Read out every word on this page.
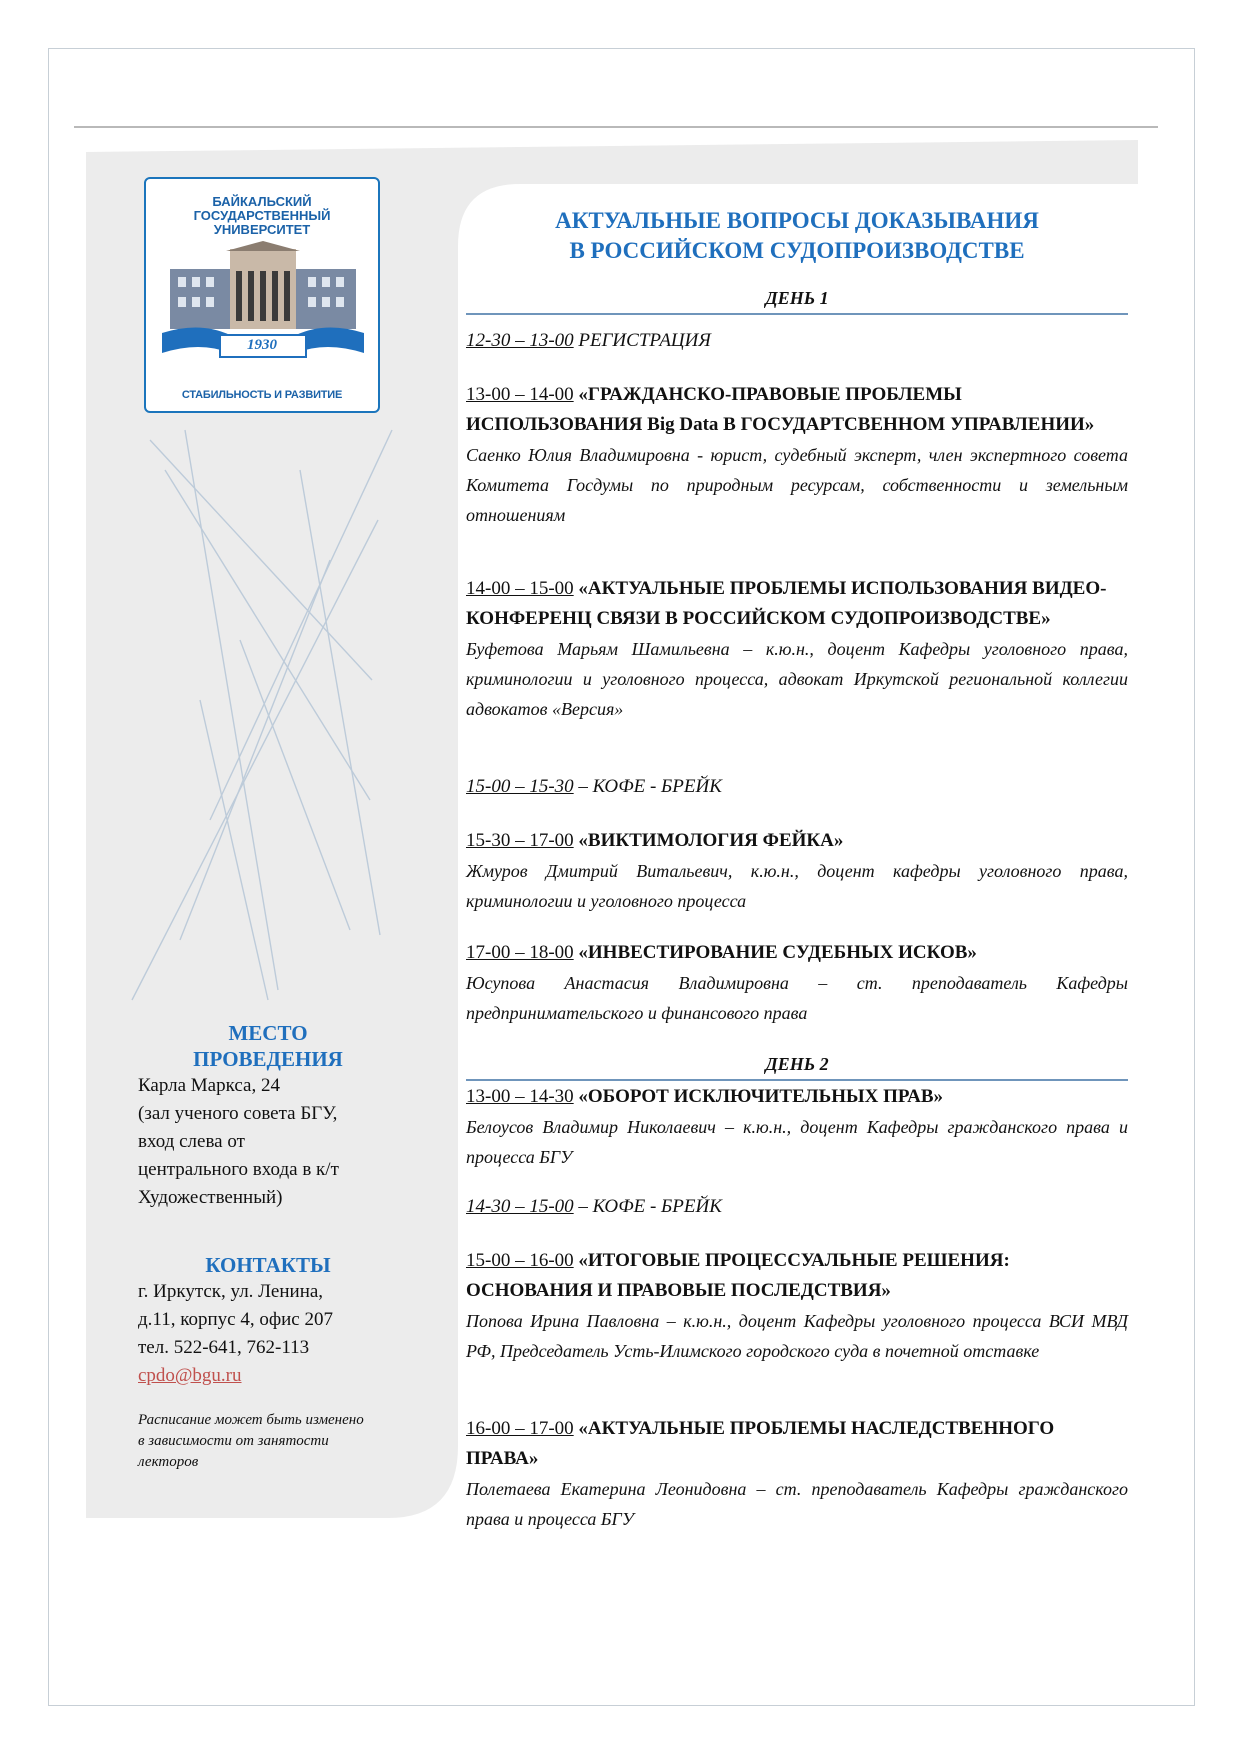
БАЙКАЛЬСКИЙ
ГОСУДАРСТВЕННЫЙ
УНИВЕРСИТЕТ
1930
СТАБИЛЬНОСТЬ И РАЗВИТИЕ
АКТУАЛЬНЫЕ ВОПРОСЫ ДОКАЗЫВАНИЯ
В РОССИЙСКОМ СУДОПРОИЗВОДСТВЕ
ДЕНЬ 1
12-30 – 13-00 РЕГИСТРАЦИЯ
13-00 – 14-00 «ГРАЖДАНСКО-ПРАВОВЫЕ ПРОБЛЕМЫ ИСПОЛЬЗОВАНИЯ Big Data В ГОСУДАРТСВЕННОМ УПРАВЛЕНИИ»
Саенко Юлия Владимировна - юрист, судебный эксперт, член экспертного совета Комитета Госдумы по природным ресурсам, собственности и земельным отношениям
14-00 – 15-00 «АКТУАЛЬНЫЕ ПРОБЛЕМЫ ИСПОЛЬЗОВАНИЯ ВИДЕО-КОНФЕРЕНЦ СВЯЗИ В РОССИЙСКОМ СУДОПРОИЗВОДСТВЕ»
Буфетова Марьям Шамильевна – к.ю.н., доцент Кафедры уголовного права, криминологии и уголовного процесса, адвокат Иркутской региональной коллегии адвокатов «Версия»
15-00 – 15-30 – КОФЕ - БРЕЙК
15-30 – 17-00 «ВИКТИМОЛОГИЯ ФЕЙКА»
Жмуров Дмитрий Витальевич, к.ю.н., доцент кафедры уголовного права, криминологии и уголовного процесса
17-00 – 18-00 «ИНВЕСТИРОВАНИЕ СУДЕБНЫХ ИСКОВ»
Юсупова Анастасия Владимировна – ст. преподаватель Кафедры предпринимательского и финансового права
ДЕНЬ 2
13-00 – 14-30 «ОБОРОТ ИСКЛЮЧИТЕЛЬНЫХ ПРАВ»
Белоусов Владимир Николаевич – к.ю.н., доцент Кафедры гражданского права и процесса БГУ
14-30 – 15-00 – КОФЕ - БРЕЙК
15-00 – 16-00 «ИТОГОВЫЕ ПРОЦЕССУАЛЬНЫЕ РЕШЕНИЯ: ОСНОВАНИЯ И ПРАВОВЫЕ ПОСЛЕДСТВИЯ»
Попова Ирина Павловна – к.ю.н., доцент Кафедры уголовного процесса ВСИ МВД РФ, Председатель Усть-Илимского городского суда в почетной отставке
16-00 – 17-00 «АКТУАЛЬНЫЕ ПРОБЛЕМЫ НАСЛЕДСТВЕННОГО ПРАВА»
Полетаева Екатерина Леонидовна – ст. преподаватель Кафедры гражданского права и процесса БГУ
МЕСТО
ПРОВЕДЕНИЯ
Карла Маркса, 24
(зал ученого совета БГУ,
вход слева от
центрального входа в к/т
Художественный)
КОНТАКТЫ
г. Иркутск, ул. Ленина,
д.11, корпус 4, офис 207
тел. 522-641, 762-113
cpdo@bgu.ru
Расписание может быть изменено в зависимости от занятости лекторов
